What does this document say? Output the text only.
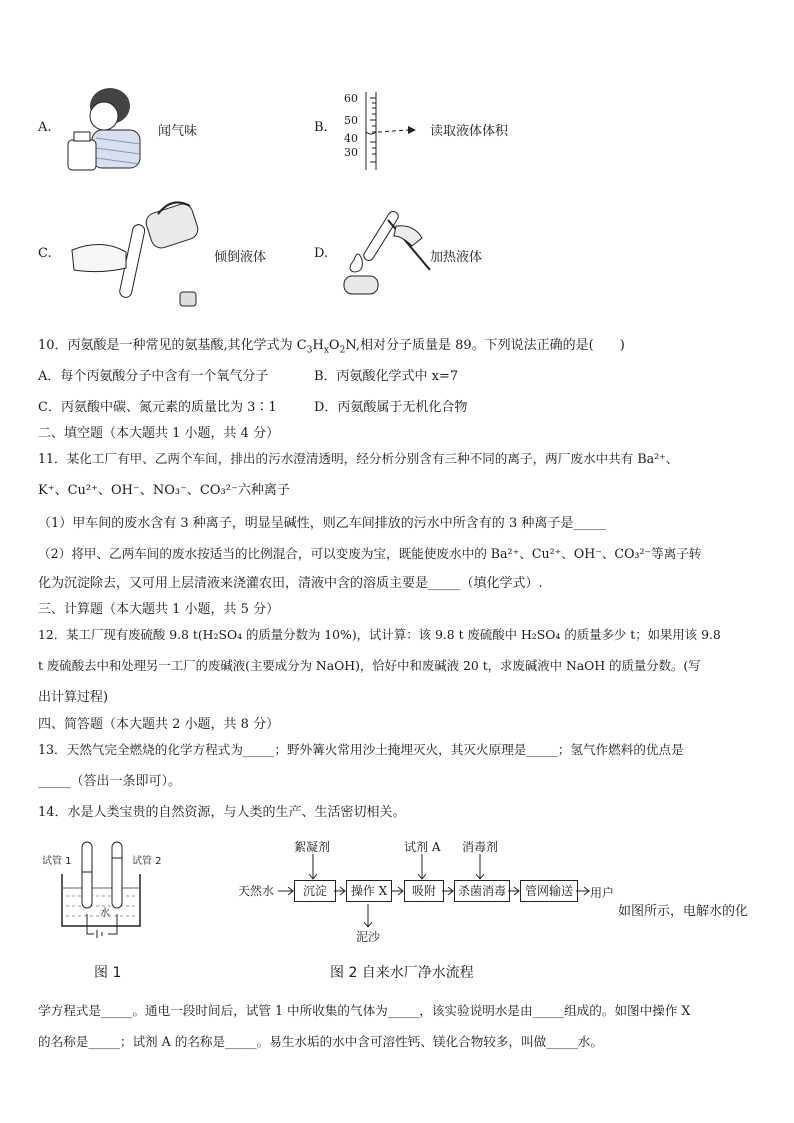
A.	闻气味	B.
60
50
40
30
读取液体体积
C.	倾倒液体	D.	加热液体
10．丙氨酸是一种常见的氨基酸,其化学式为 $C_3H_xO_2N$,相对分子质量是 89。下列说法正确的是(　　)
A．每个丙氨酸分子中含有一个氧气分子	B．丙氨酸化学式中 x=7
C．丙氨酸中碳、氮元素的质量比为 3∶1	D．丙氨酸属于无机化合物
二、填空题（本大题共 1 小题，共 4 分）
11．某化工厂有甲、乙两个车间，排出的污水澄清透明，经分析分别含有三种不同的离子，两厂废水中共有 Ba²⁺、
K⁺、Cu²⁺、OH⁻、NO₃⁻、CO₃²⁻六种离子
（1）甲车间的废水含有 3 种离子，明显呈碱性，则乙车间排放的污水中所含有的 3 种离子是_____
（2）将甲、乙两车间的废水按适当的比例混合，可以变废为宝，既能使废水中的 Ba²⁺、Cu²⁺、OH⁻、CO₃²⁻等离子转
化为沉淀除去，又可用上层清液来浇灌农田，清液中含的溶质主要是_____（填化学式）.
三、计算题（本大题共 1 小题，共 5 分）
12．某工厂现有废硫酸 9.8 t(H₂SO₄ 的质量分数为 10%)，试计算：该 9.8 t 废硫酸中 H₂SO₄ 的质量多少 t；如果用该 9.8
t 废硫酸去中和处理另一工厂的废碱液(主要成分为 NaOH)，恰好中和废碱液 20 t，求废碱液中 NaOH 的质量分数。(写
出计算过程)
四、简答题（本大题共 2 小题，共 8 分）
13．天然气完全燃烧的化学方程式为_____；野外篝火常用沙土掩埋灭火，其灭火原理是_____；氢气作燃料的优点是
_____（答出一条即可）。
14．水是人类宝贵的自然资源，与人类的生产、生活密切相关。
试管 1	试管 2
水
图 1
天然水	沉淀	操作 X	吸附	杀菌消毒	管网输送	用户
絮凝剂	试剂 A 消毒剂
泥沙
如图所示，电解水的化
图 2 自来水厂净水流程
学方程式是_____。通电一段时间后，试管 1 中所收集的气体为_____，该实验说明水是由_____组成的。如图中操作 X
的名称是_____；试剂 A 的名称是_____。易生水垢的水中含可溶性钙、镁化合物较多，叫做_____水。
